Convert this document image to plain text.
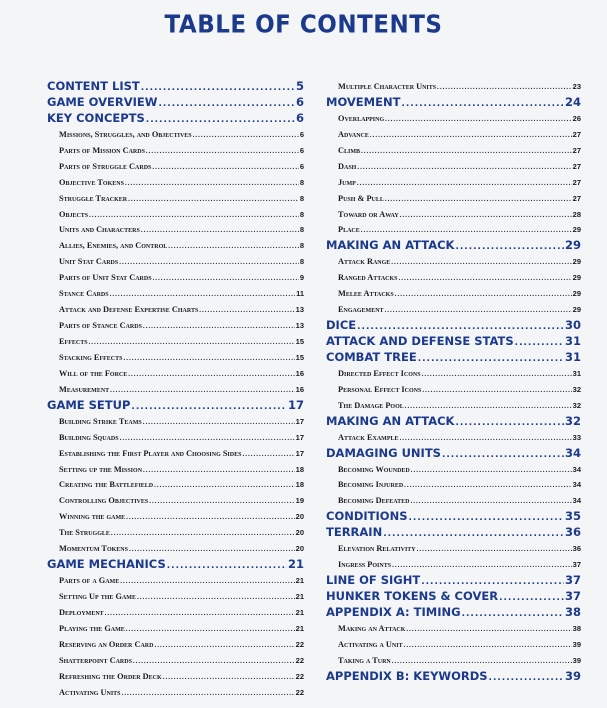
TABLE OF CONTENTS
CONTENT LIST .....	5
GAME OVERVIEW .....	6
KEY CONCEPTS .....	6
Missions, Struggles, and Objectives .....	6
Parts of Mission Cards .....	6
Parts of Struggle Cards .....	6
Objective Tokens .....	8
Struggle Tracker .....	8
Objects .....	8
Units and Characters .....	8
Allies, Enemies, and Control .....	8
Unit Stat Cards .....	8
Parts of Unit Stat Cards .....	9
Stance Cards .....	11
Attack and Defense Expertise Charts .....	13
Parts of Stance Cards .....	13
Effects .....	15
Stacking Effects .....	15
Will of the Force .....	16
Measurement .....	16
GAME SETUP .....	17
Building Strike Teams .....	17
Building Squads .....	17
Establishing the First Player and Choosing Sides .....	17
Setting up the Mission .....	18
Creating the Battlefield .....	18
Controlling Objectives .....	19
Winning the game .....	20
The Struggle .....	20
Momentum Tokens .....	20
GAME MECHANICS .....	21
Parts of a Game .....	21
Setting Up the Game .....	21
Deployment .....	21
Playing the Game .....	21
Reserving an Order Card .....	22
Shatterpoint Cards .....	22
Refreshing the Order Deck .....	22
Activating Units .....	22
Multiple Character Units .....	23
MOVEMENT .....	24
Overlapping .....	26
Advance .....	27
Climb .....	27
Dash .....	27
Jump .....	27
Push & Pull .....	27
Toward or Away .....	28
Place .....	29
MAKING AN ATTACK .....	29
Attack Range .....	29
Ranged Attacks .....	29
Melee Attacks .....	29
Engagement .....	29
DICE .....	30
ATTACK AND DEFENSE STATS .....	31
COMBAT TREE .....	31
Directed Effect Icons .....	31
Personal Effect Icons .....	32
The Damage Pool .....	32
MAKING AN ATTACK .....	32
Attack Example .....	33
DAMAGING UNITS .....	34
Becoming Wounded .....	34
Becoming Injured .....	34
Becoming Defeated .....	34
CONDITIONS .....	35
TERRAIN .....	36
Elevation Relativity .....	36
Ingress Points .....	37
LINE OF SIGHT .....	37
HUNKER TOKENS & COVER .....	37
APPENDIX A: TIMING .....	38
Making an Attack .....	38
Activating a Unit .....	39
Taking a Turn .....	39
APPENDIX B: KEYWORDS .....	39
